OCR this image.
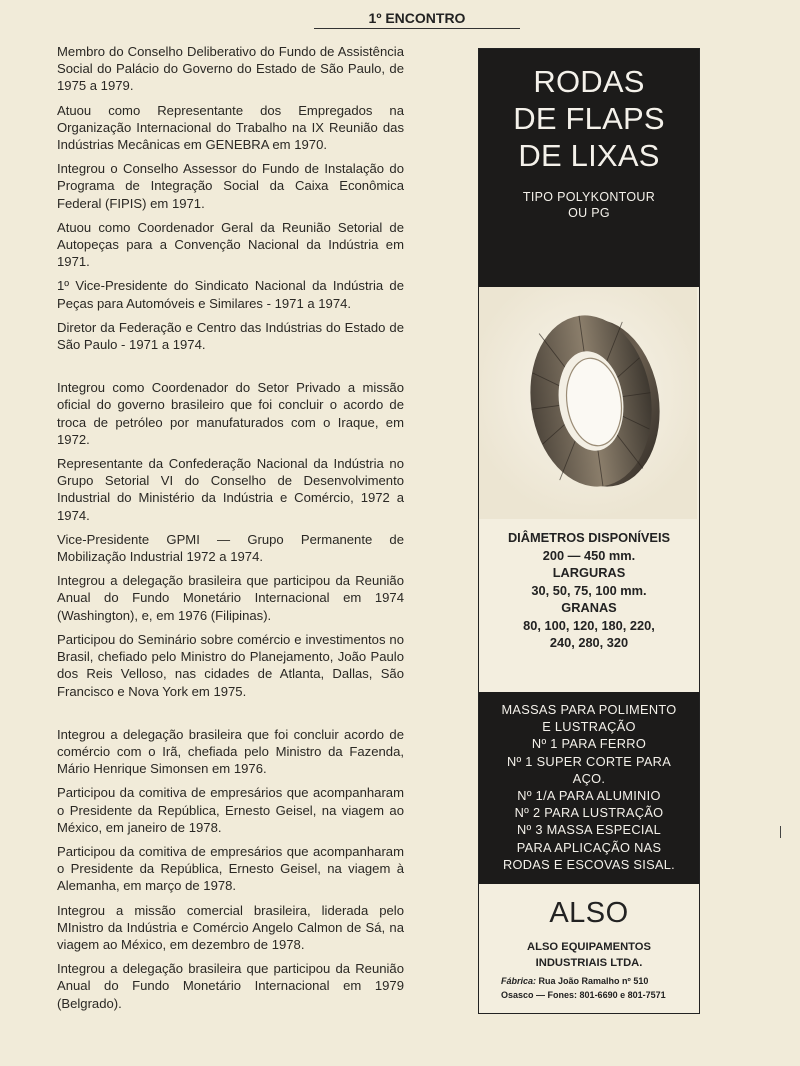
1º ENCONTRO

Membro do Conselho Deliberativo do Fundo de Assistência Social do Palácio do Governo do Estado de São Paulo, de 1975 a 1979.

Atuou como Representante dos Empregados na Organização Internacional do Trabalho na IX Reunião das Indústrias Mecânicas em GENEBRA em 1970.

Integrou o Conselho Assessor do Fundo de Instalação do Programa de Integração Social da Caixa Econômica Federal (FIPIS) em 1971.

Atuou como Coordenador Geral da Reunião Setorial de Autopeças para a Convenção Nacional da Indústria em 1971.

1º Vice-Presidente do Sindicato Nacional da Indústria de Peças para Automóveis e Similares - 1971 a 1974.

Diretor da Federação e Centro das Indústrias do Estado de São Paulo - 1971 a 1974.

Integrou como Coordenador do Setor Privado a missão oficial do governo brasileiro que foi concluir o acordo de troca de petróleo por manufaturados com o Iraque, em 1972.

Representante da Confederação Nacional da Indústria no Grupo Setorial VI do Conselho de Desenvolvimento Industrial do Ministério da Indústria e Comércio, 1972 a 1974.

Vice-Presidente GPMI — Grupo Permanente de Mobilização Industrial 1972 a 1974.

Integrou a delegação brasileira que participou da Reunião Anual do Fundo Monetário Internacional em 1974 (Washington), e, em 1976 (Filipinas).

Participou do Seminário sobre comércio e investimentos no Brasil, chefiado pelo Ministro do Planejamento, João Paulo dos Reis Velloso, nas cidades de Atlanta, Dallas, São Francisco e Nova York em 1975.

Integrou a delegação brasileira que foi concluir acordo de comércio com o Irã, chefiada pelo Ministro da Fazenda, Mário Henrique Simonsen em 1976.

Participou da comitiva de empresários que acompanharam o Presidente da República, Ernesto Geisel, na viagem ao México, em janeiro de 1978.

Participou da comitiva de empresários que acompanharam o Presidente da República, Ernesto Geisel, na viagem à Alemanha, em março de 1978.

Integrou a missão comercial brasileira, liderada pelo MInistro da Indústria e Comércio Angelo Calmon de Sá, na viagem ao México, em dezembro de 1978.

Integrou a delegação brasileira que participou da Reunião Anual do Fundo Monetário Internacional em 1979 (Belgrado).

RODAS
DE FLAPS
DE LIXAS
TIPO POLYKONTOUR
OU PG
DIÂMETROS DISPONÍVEIS
200 — 450 mm.
LARGURAS
30, 50, 75, 100 mm.
GRANAS
80, 100, 120, 180, 220,
240, 280, 320
MASSAS PARA POLIMENTO
E LUSTRAÇÃO
Nº 1 PARA FERRO
Nº 1 SUPER CORTE PARA
AÇO.
Nº 1/A PARA ALUMINIO
Nº 2 PARA LUSTRAÇÃO
Nº 3 MASSA ESPECIAL
PARA APLICAÇÃO NAS
RODAS E ESCOVAS SISAL.
ALSO
ALSO EQUIPAMENTOS
INDUSTRIAIS LTDA.
Fábrica: Rua João Ramalho nº 510
Osasco — Fones: 801-6690 e 801-7571
